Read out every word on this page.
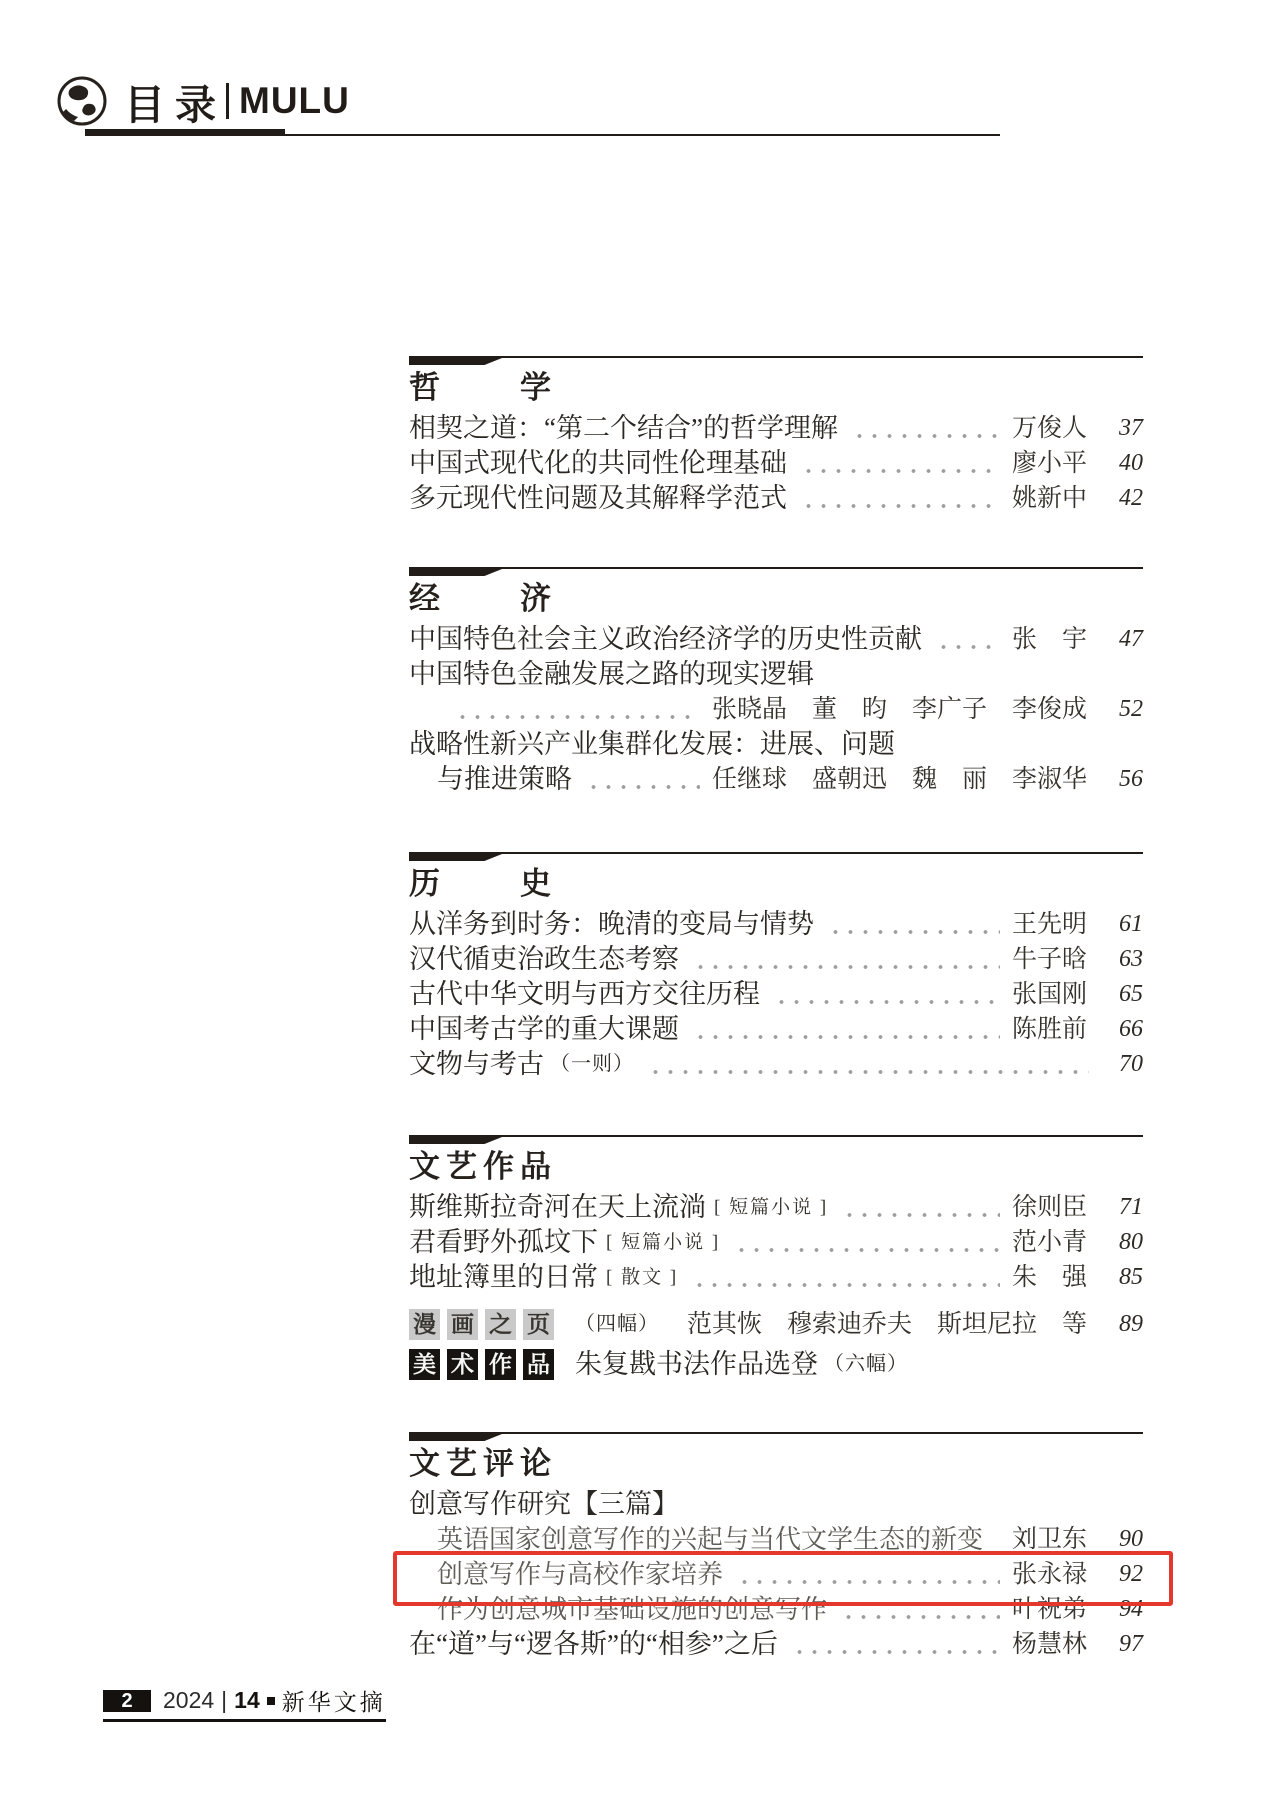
目录 MULU
哲　　学
相契之道：“第二个结合”的哲学理解	万俊人	37
中国式现代化的共同性伦理基础	廖小平	40
多元现代性问题及其解释学范式	姚新中	42
经　　济
中国特色社会主义政治经济学的历史性贡献	张　宇	47
中国特色金融发展之路的现实逻辑
张晓晶　董　昀　李广子　李俊成	52
战略性新兴产业集群化发展：进展、问题
与推进策略	任继球　盛朝迅　魏　丽　李淑华	56
历　　史
从洋务到时务：晚清的变局与情势	王先明	61
汉代循吏治政生态考察	牛子晗	63
古代中华文明与西方交往历程	张国刚	65
中国考古学的重大课题	陈胜前	66
文物与考古 （一则）	70
文艺作品
斯维斯拉奇河在天上流淌 [ 短篇小说 ]	徐则臣	71
君看野外孤坟下 [ 短篇小说 ]	范小青	80
地址簿里的日常 [ 散文 ]	朱　强	85
漫 画 之 页 （四幅） 范其恢　穆索迪乔夫　斯坦尼拉　等	89
美 术 作 品 朱复戡书法作品选登 （六幅）
文艺评论
创意写作研究【三篇】
英语国家创意写作的兴起与当代文学生态的新变 刘卫东	90
创意写作与高校作家培养	张永禄	92
作为创意城市基础设施的创意写作	叶祝弟	94
在“道”与“逻各斯”的“相参”之后	杨慧林	97
2	2024 | 14 新华文摘
